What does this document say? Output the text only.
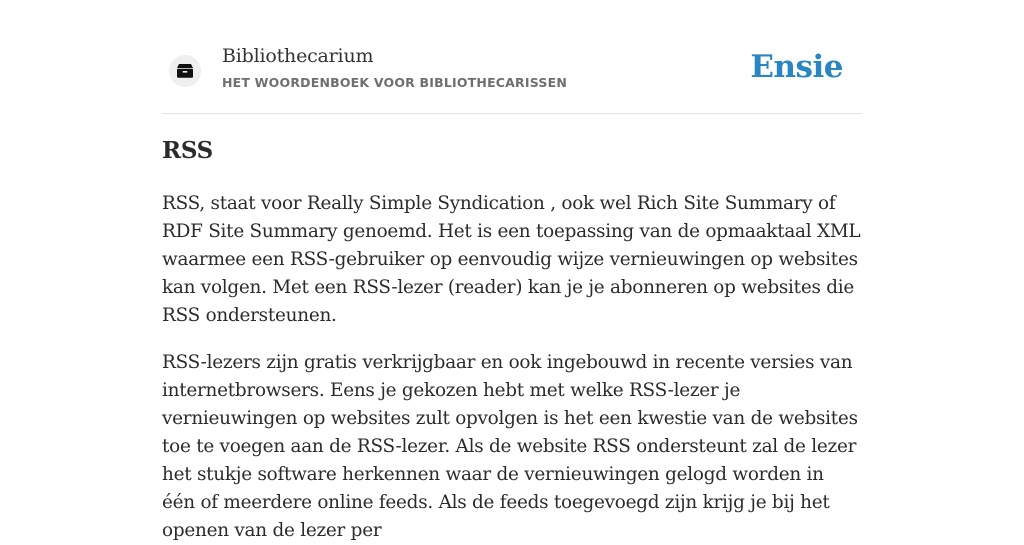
Bibliothecarium
HET WOORDENBOEK VOOR BIBLIOTHECARISSEN	Ensie
RSS

RSS, staat voor Really Simple Syndication , ook wel Rich Site Summary of RDF Site Summary genoemd. Het is een toepassing van de opmaaktaal XML waarmee een RSS-gebruiker op eenvoudig wijze vernieuwingen op websites kan volgen. Met een RSS-lezer (reader) kan je je abonneren op websites die RSS ondersteunen.

RSS-lezers zijn gratis verkrijgbaar en ook ingebouwd in recente versies van internetbrowsers. Eens je gekozen hebt met welke RSS-lezer je vernieuwingen op websites zult opvolgen is het een kwestie van de websites toe te voegen aan de RSS-lezer. Als de website RSS ondersteunt zal de lezer het stukje software herkennen waar de vernieuwingen gelogd worden in één of meerdere online feeds. Als de feeds toegevoegd zijn krijg je bij het openen van de lezer per
